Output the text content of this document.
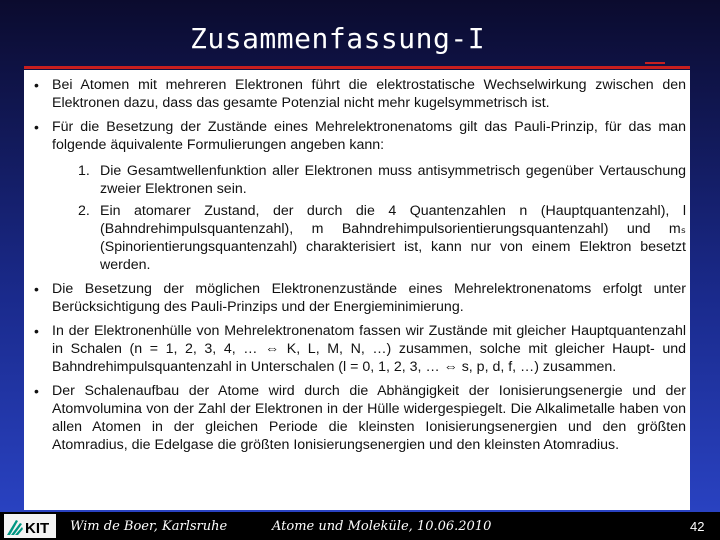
Zusammenfassung-I
• Bei Atomen mit mehreren Elektronen führt die elektrostatische Wechselwirkung zwischen den Elektronen dazu, dass das gesamte Potenzial nicht mehr kugelsymmetrisch ist.
• Für die Besetzung der Zustände eines Mehrelektronenatoms gilt das Pauli-Prinzip, für das man folgende äquivalente Formulierungen angeben kann:
1. Die Gesamtwellenfunktion aller Elektronen muss antisymmetrisch gegenüber Vertauschung zweier Elektronen sein.
2. Ein atomarer Zustand, der durch die 4 Quantenzahlen n (Hauptquantenzahl), l (Bahndrehimpulsquantenzahl), m Bahndrehimpulsorientierungsquantenzahl) und mₛ (Spinorientierungsquantenzahl) charakterisiert ist, kann nur von einem Elektron besetzt werden.
• Die Besetzung der möglichen Elektronenzustände eines Mehrelektronenatoms erfolgt unter Berücksichtigung des Pauli-Prinzips und der Energieminimierung.
• In der Elektronenhülle von Mehrelektronenatom fassen wir Zustände mit gleicher Hauptquantenzahl in Schalen (n = 1, 2, 3, 4, … ⇔ K, L, M, N, …) zusammen, solche mit gleicher Haupt- und Bahndrehimpulsquantenzahl in Unterschalen (l = 0, 1, 2, 3, … ⇔ s, p, d, f, …) zusammen.
• Der Schalenaufbau der Atome wird durch die Abhängigkeit der Ionisierungsenergie und der Atomvolumina von der Zahl der Elektronen in der Hülle widergespiegelt. Die Alkalimetalle haben von allen Atomen in der gleichen Periode die kleinsten Ionisierungsenergien und den größten Atomradius, die Edelgase die größten Ionisierungsenergien und den kleinsten Atomradius.
KIT Wim de Boer, Karlsruhe	Atome und Moleküle, 10.06.2010	42
